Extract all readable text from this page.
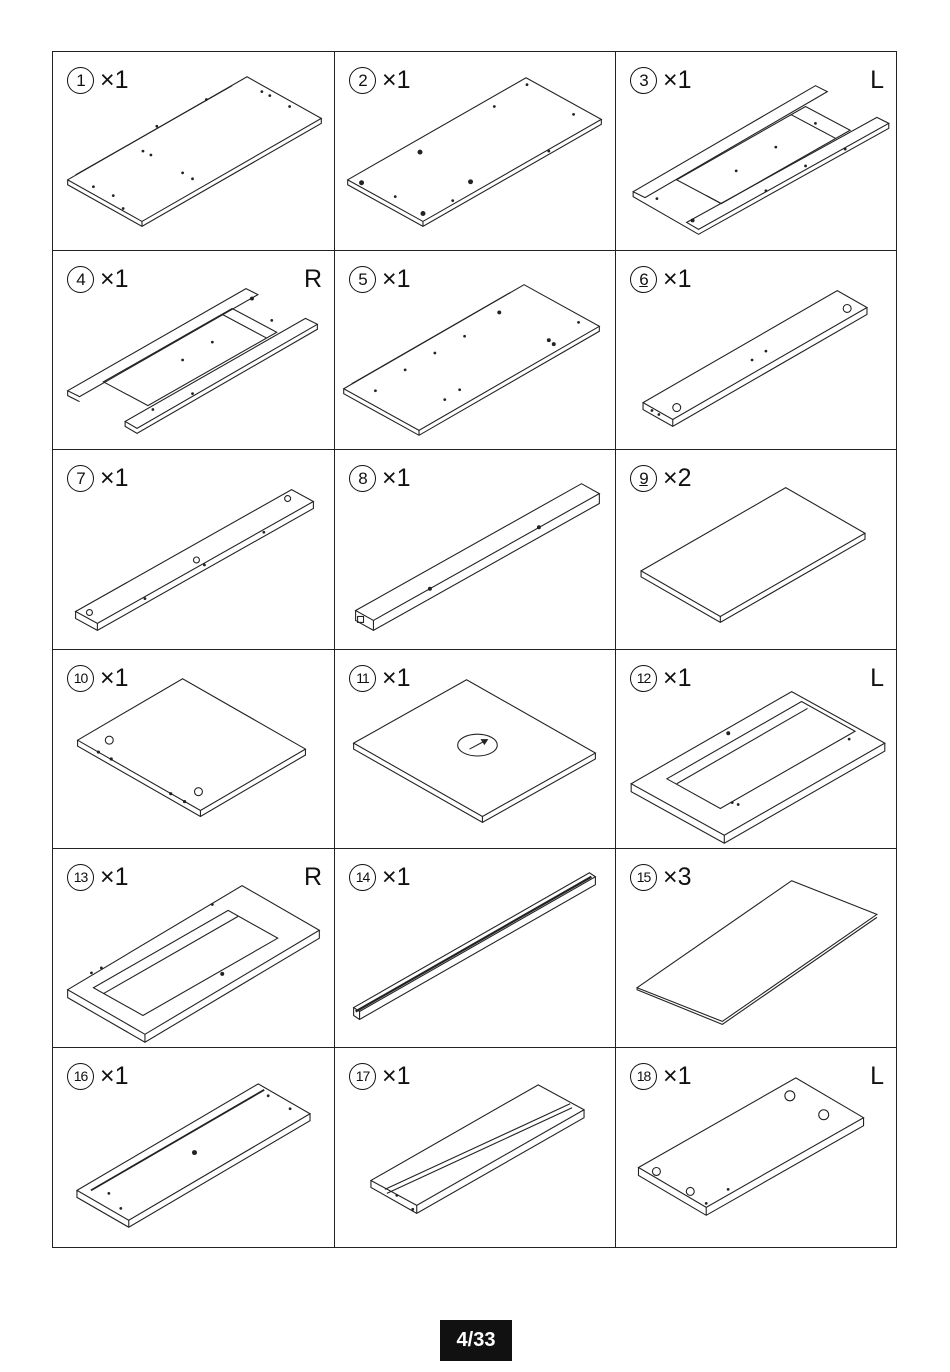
1 ×1	2 ×1	3 ×1	L
4 ×1	R	5 ×1	6 ×1
7 ×1	8 ×1	9 ×2
10 ×1	11 ×1	12 ×1	L
13 ×1	R	14 ×1	15 ×3
16 ×1	17 ×1	18 ×1	L
4/33
